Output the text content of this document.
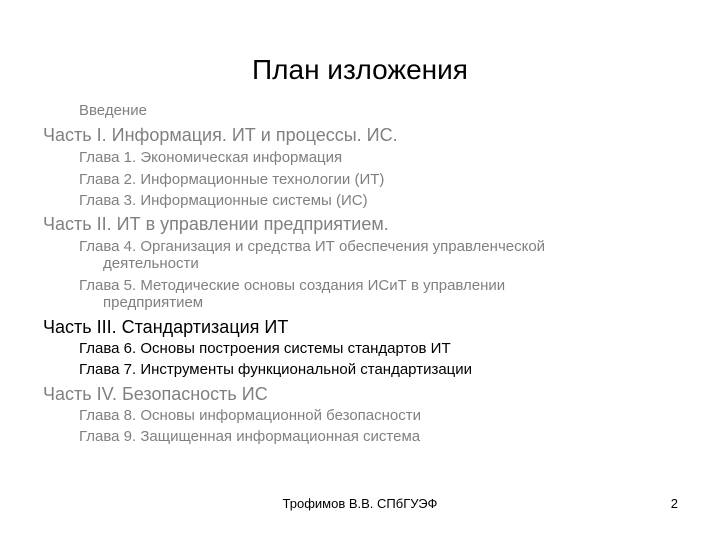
План изложения
Введение
Часть I. Информация. ИТ и процессы. ИС.
Глава 1. Экономическая информация
Глава 2. Информационные технологии (ИТ)
Глава 3. Информационные системы (ИС)
Часть II. ИТ в управлении предприятием.
Глава 4. Организация и средства ИТ обеспечения управленческой
деятельности
Глава 5. Методические основы создания ИСиТ в управлении
предприятием
Часть III. Стандартизация ИТ
Глава 6. Основы построения системы стандартов ИТ
Глава 7. Инструменты функциональной стандартизации
Часть IV. Безопасность ИС
Глава 8. Основы информационной безопасности
Глава 9. Защищенная информационная система
Трофимов В.В. СПбГУЭФ	2
